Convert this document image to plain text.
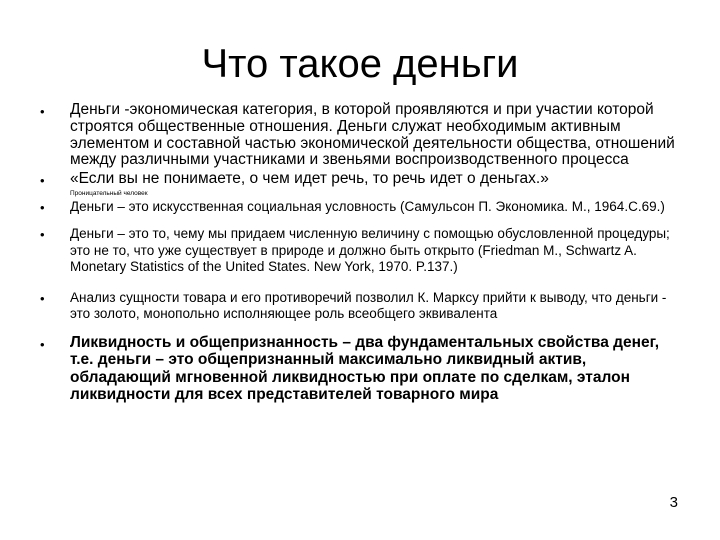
Что такое деньги
•	Деньги -экономическая категория, в которой проявляются и при участии которой строятся общественные отношения. Деньги служат необходимым активным элементом и составной частью экономической деятельности общества, отношений между различными участниками и звеньями воспроизводственного процесса
•	«Если вы не понимаете, о чем идет речь, то речь идет о деньгах.»
Проницательный человек
•	Деньги – это искусственная социальная условность (Самульсон П. Экономика. М., 1964.С.69.)
•	Деньги – это то, чему мы придаем численную величину с помощью обусловленной процедуры; это не то, что уже существует в природе и должно быть открыто (Friedman M., Schwartz A. Monetary Statistics of the United States. New York, 1970. P.137.)
•	Анализ сущности товара и его противоречий позволил К. Марксу прийти к выводу, что деньги - это золото, монопольно исполняющее роль всеобщего эквивалента
•	Ликвидность и общепризнанность – два фундаментальных свойства денег, т.е. деньги – это общепризнанный максимально ликвидный актив, обладающий мгновенной ликвидностью при оплате по сделкам, эталон ликвидности для всех представителей товарного мира
3
